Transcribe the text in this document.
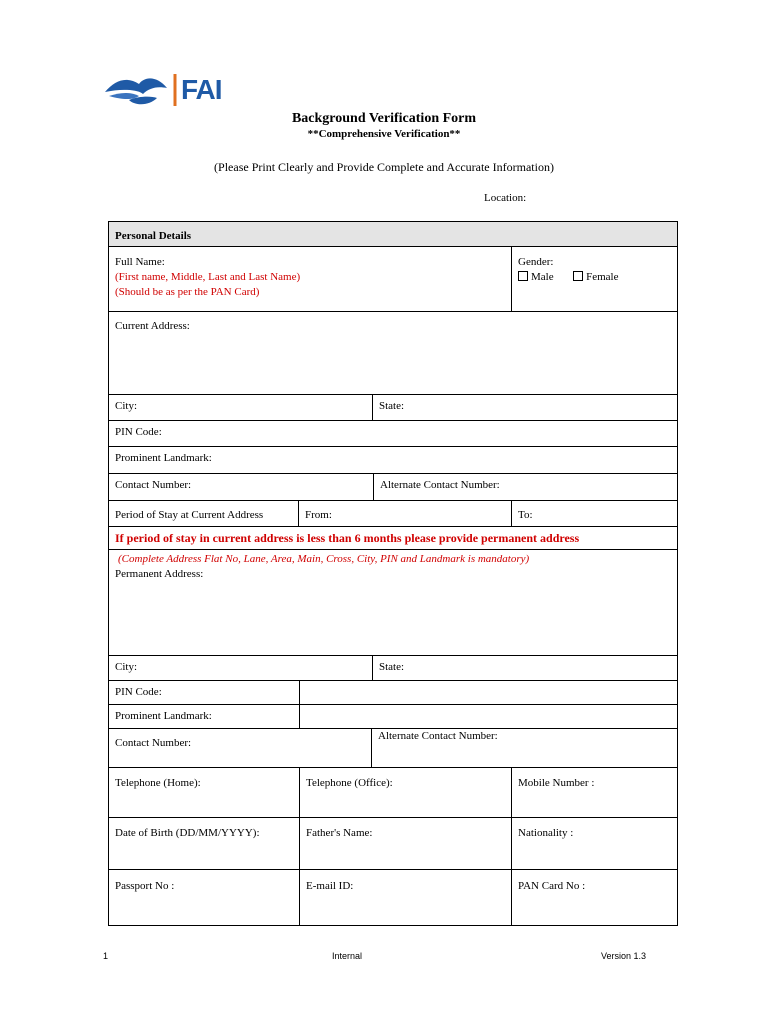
FAI
Background Verification Form
**Comprehensive Verification**
(Please Print Clearly and Provide Complete and Accurate Information)
Location:
Personal Details
Full Name:
(First name, Middle, Last and Last Name)
(Should be as per the PAN Card)
Gender:
Male	Female
Current Address:
City:	State:
PIN Code:
Prominent Landmark:
Contact Number:	Alternate Contact Number:
Period of Stay at Current Address	From:	To:
If period of stay in current address is less than 6 months please provide permanent address
(Complete Address Flat No, Lane, Area, Main, Cross, City, PIN and Landmark is mandatory)
Permanent Address:
City:	State:
PIN Code:
Prominent Landmark:
Contact Number:
Alternate Contact Number:
Telephone (Home):	Telephone (Office):	Mobile Number :
Date of Birth (DD/MM/YYYY):	Father's Name:	Nationality :
Passport No :	E-mail ID:	PAN Card No :
1	Internal	Version 1.3
